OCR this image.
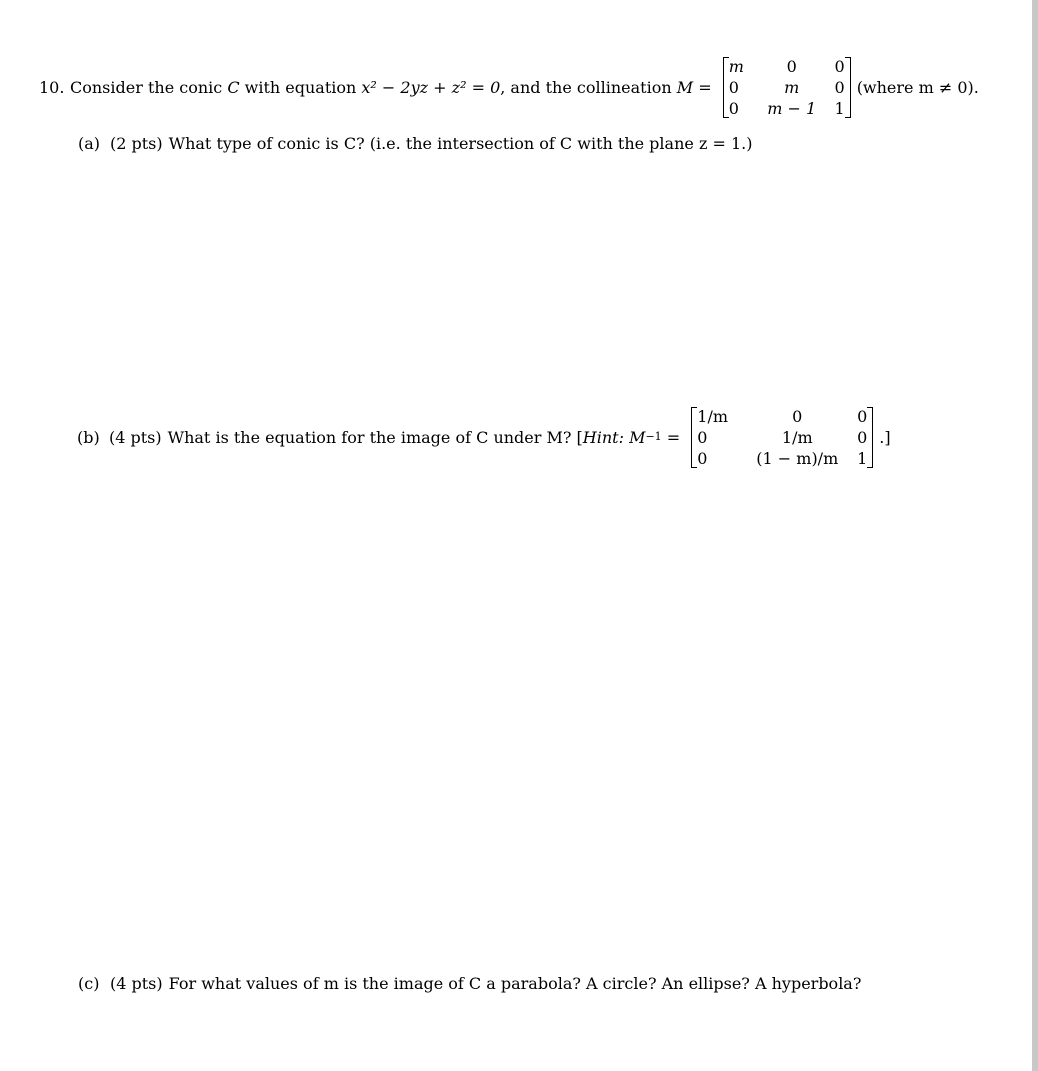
10. Consider the conic C with equation x² − 2yz + z² = 0 , and the collineation M =
m	0	0
0	m	0
0	m − 1	1
(where m ≠ 0).
(a) (2 pts) What type of conic is C? (i.e. the intersection of C with the plane z = 1.)
(b) (4 pts) What is the equation for the image of C under M? [ Hint: M −1 =
1/m	0	0
0	1/m	0
0	(1 − m)/m	1
.]
(c) (4 pts) For what values of m is the image of C a parabola? A circle? An ellipse? A hyperbola?
